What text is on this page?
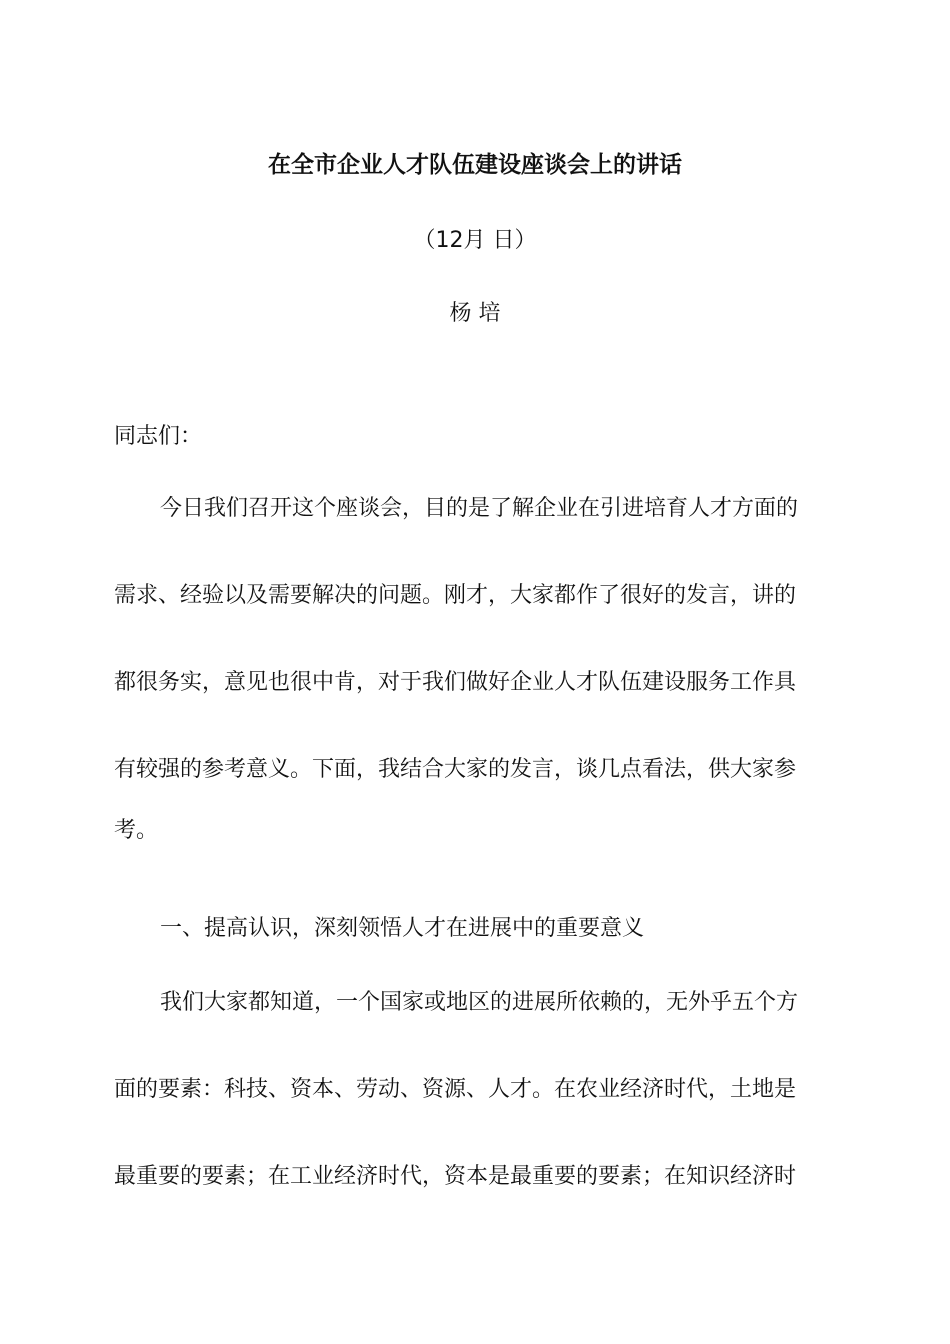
在全市企业人才队伍建设座谈会上的讲话
（12月 日）
杨 培
同志们：
今日我们召开这个座谈会，目的是了解企业在引进培育人才方面的
需求、经验以及需要解决的问题。刚才，大家都作了很好的发言，讲的
都很务实，意见也很中肯，对于我们做好企业人才队伍建设服务工作具
有较强的参考意义。下面，我结合大家的发言，谈几点看法，供大家参
考。
一、提高认识，深刻领悟人才在进展中的重要意义
我们大家都知道，一个国家或地区的进展所依赖的，无外乎五个方
面的要素：科技、资本、劳动、资源、人才。在农业经济时代，土地是
最重要的要素；在工业经济时代，资本是最重要的要素；在知识经济时
